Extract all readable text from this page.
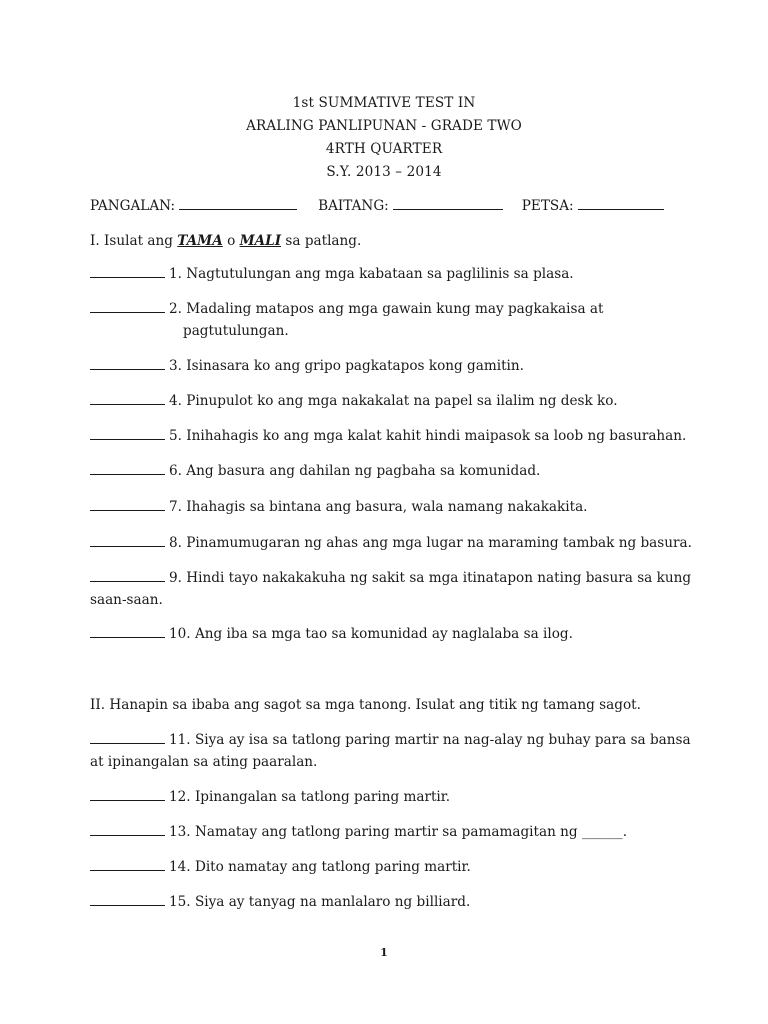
1st SUMMATIVE TEST IN
ARALING PANLIPUNAN - GRADE TWO
4RTH QUARTER
S.Y. 2013 – 2014
PANGALAN:	BAITANG:	PETSA:
I. Isulat ang TAMA o MALI sa patlang.
1. Nagtutulungan ang mga kabataan sa paglilinis sa plasa.
2. Madaling matapos ang mga gawain kung may pagkakaisa at
pagtutulungan.
3. Isinasara ko ang gripo pagkatapos kong gamitin.
4. Pinupulot ko ang mga nakakalat na papel sa ilalim ng desk ko.
5. Inihahagis ko ang mga kalat kahit hindi maipasok sa loob ng basurahan.
6. Ang basura ang dahilan ng pagbaha sa komunidad.
7. Ihahagis sa bintana ang basura, wala namang nakakakita.
8. Pinamumugaran ng ahas ang mga lugar na maraming tambak ng basura.
9. Hindi tayo nakakakuha ng sakit sa mga itinatapon nating basura sa kung
saan-saan.
10. Ang iba sa mga tao sa komunidad ay naglalaba sa ilog.
II. Hanapin sa ibaba ang sagot sa mga tanong. Isulat ang titik ng tamang sagot.
11. Siya ay isa sa tatlong paring martir na nag-alay ng buhay para sa bansa
at ipinangalan sa ating paaralan.
12. Ipinangalan sa tatlong paring martir.
13. Namatay ang tatlong paring martir sa pamamagitan ng ______.
14. Dito namatay ang tatlong paring martir.
15. Siya ay tanyag na manlalaro ng billiard.
1
